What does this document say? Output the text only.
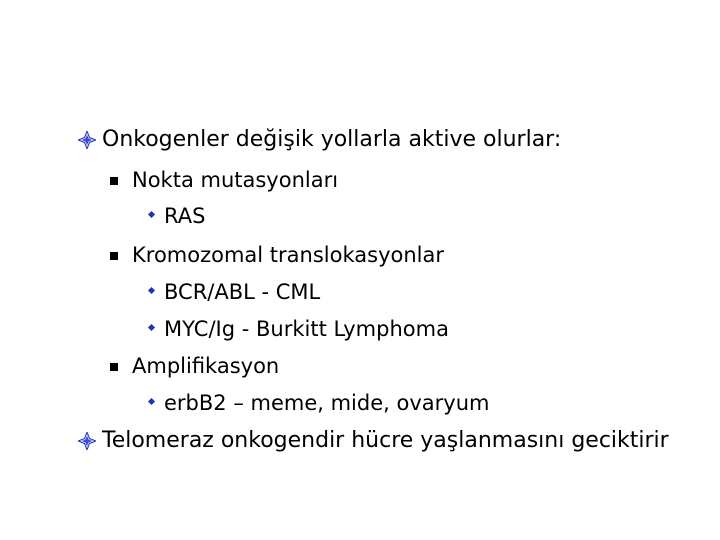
Onkogenler değişik yollarla aktive olurlar:
Nokta mutasyonları
RAS
Kromozomal translokasyonlar
BCR/ABL - CML
MYC/Ig - Burkitt Lymphoma
Amplifikasyon
erbB2 – meme, mide, ovaryum
Telomeraz onkogendir hücre yaşlanmasını geciktirir
